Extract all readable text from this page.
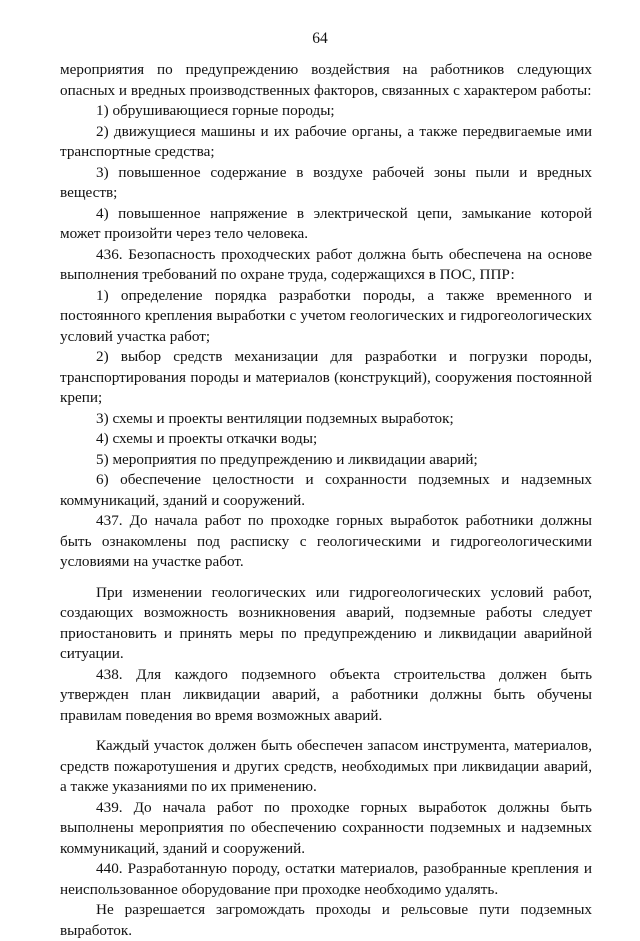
64

мероприятия по предупреждению воздействия на работников следующих опасных и вредных производственных факторов, связанных с характером работы:

1) обрушивающиеся горные породы;

2) движущиеся машины и их рабочие органы, а также передвигаемые ими транспортные средства;

3) повышенное содержание в воздухе рабочей зоны пыли и вредных веществ;

4) повышенное напряжение в электрической цепи, замыкание которой может произойти через тело человека.

436. Безопасность проходческих работ должна быть обеспечена на основе выполнения требований по охране труда, содержащихся в ПОС, ППР:

1) определение порядка разработки породы, а также временного и постоянного крепления выработки с учетом геологических и гидрогеологических условий участка работ;

2) выбор средств механизации для разработки и погрузки породы, транспортирования породы и материалов (конструкций), сооружения постоянной крепи;

3) схемы и проекты вентиляции подземных выработок;

4) схемы и проекты откачки воды;

5) мероприятия по предупреждению и ликвидации аварий;

6) обеспечение целостности и сохранности подземных и надземных коммуникаций, зданий и сооружений.

437. До начала работ по проходке горных выработок работники должны быть ознакомлены под расписку с геологическими и гидрогеологическими условиями на участке работ.

При изменении геологических или гидрогеологических условий работ, создающих возможность возникновения аварий, подземные работы следует приостановить и принять меры по предупреждению и ликвидации аварийной ситуации.

438. Для каждого подземного объекта строительства должен быть утвержден план ликвидации аварий, а работники должны быть обучены правилам поведения во время возможных аварий.

Каждый участок должен быть обеспечен запасом инструмента, материалов, средств пожаротушения и других средств, необходимых при ликвидации аварий, а также указаниями по их применению.

439. До начала работ по проходке горных выработок должны быть выполнены мероприятия по обеспечению сохранности подземных и надземных коммуникаций, зданий и сооружений.

440. Разработанную породу, остатки материалов, разобранные крепления и неиспользованное оборудование при проходке необходимо удалять.

Не разрешается загромождать проходы и рельсовые пути подземных выработок.
